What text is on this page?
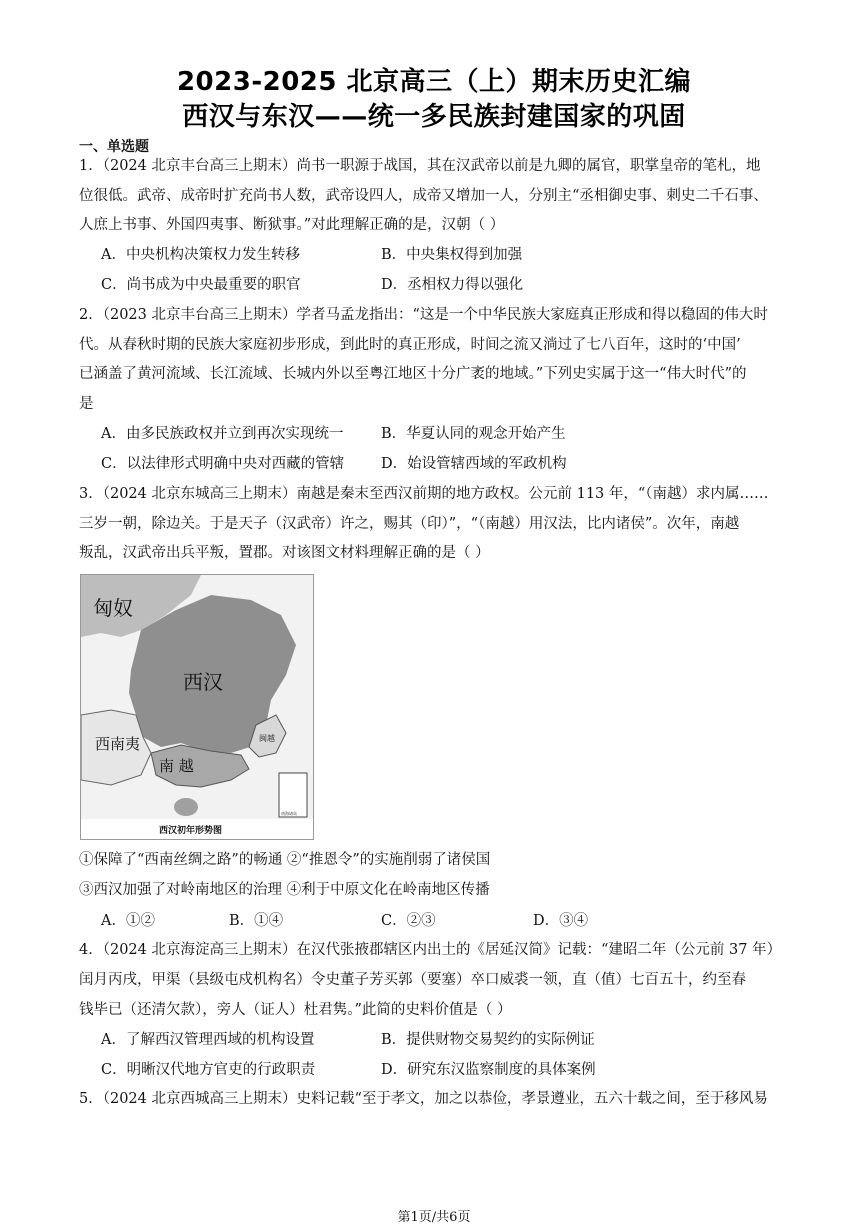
2023-2025 北京高三（上）期末历史汇编
西汉与东汉——统一多民族封建国家的巩固
一、单选题
1．（2024 北京丰台高三上期末）尚书一职源于战国，其在汉武帝以前是九卿的属官，职掌皇帝的笔札，地
位很低。武帝、成帝时扩充尚书人数，武帝设四人，成帝又增加一人，分别主“丞相御史事、刺史二千石事、
人庶上书事、外国四夷事、断狱事。”对此理解正确的是，汉朝（ ）
A．中央机构决策权力发生转移	B．中央集权得到加强
C．尚书成为中央最重要的职官	D．丞相权力得以强化
2．（2023 北京丰台高三上期末）学者马孟龙指出：“这是一个中华民族大家庭真正形成和得以稳固的伟大时
代。从春秋时期的民族大家庭初步形成，到此时的真正形成，时间之流又淌过了七八百年，这时的‘中国’
已涵盖了黄河流域、长江流域、长城内外以至粤江地区十分广袤的地域。”下列史实属于这一“伟大时代”的
是
A．由多民族政权并立到再次实现统一	B．华夏认同的观念开始产生
C．以法律形式明确中央对西藏的管辖	D．始设管辖西域的军政机构
3．（2024 北京东城高三上期末）南越是秦末至西汉前期的地方政权。公元前 113 年，“（南越）求内属……
三岁一朝，除边关。于是天子（汉武帝）许之，赐其（印）”，“（南越）用汉法，比内诸侯”。次年，南越
叛乱，汉武帝出兵平叛，置郡。对该图文材料理解正确的是（ ）
匈奴
西汉
西南夷
南 越
闽越
南海诸岛
西汉初年形势图
①保障了“西南丝绸之路”的畅通 ②“推恩令”的实施削弱了诸侯国
③西汉加强了对岭南地区的治理 ④利于中原文化在岭南地区传播
A．①②	B．①④	C．②③	D．③④
4．（2024 北京海淀高三上期末）在汉代张掖郡辖区内出土的《居延汉简》记载：“建昭二年（公元前 37 年）
闰月丙戌，甲渠（县级屯戍机构名）令史董子芳买郭（要塞）卒口威裘一领，直（值）七百五十，约至春
钱毕已（还清欠款），旁人（证人）杜君隽。”此简的史料价值是（ ）
A．了解西汉管理西域的机构设置	B．提供财物交易契约的实际例证
C．明晰汉代地方官吏的行政职责	D．研究东汉监察制度的具体案例
5．（2024 北京西城高三上期末）史料记载“至于孝文，加之以恭俭，孝景遵业，五六十载之间，至于移风易
第1页/共6页
